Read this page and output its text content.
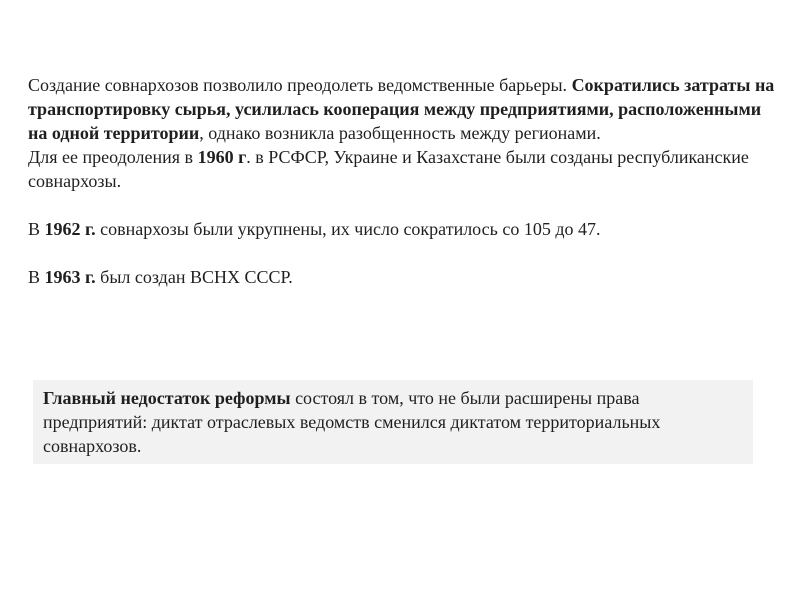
Создание совнархозов позволило преодолеть ведомственные барьеры. Сократились затраты на транспортировку сырья, усилилась кооперация между предприятиями, расположенными на одной территории, однако возникла разобщенность между регионами.

Для ее преодоления в 1960 г. в РСФСР, Украине и Казахстане были созданы республиканские совнархозы.

В 1962 г. совнархозы были укрупнены, их число сократилось со 105 до 47.

В 1963 г. был создан ВСНХ СССР.

Главный недостаток реформы состоял в том, что не были расширены права предприятий: диктат отраслевых ведомств сменился диктатом территориальных совнархозов.
